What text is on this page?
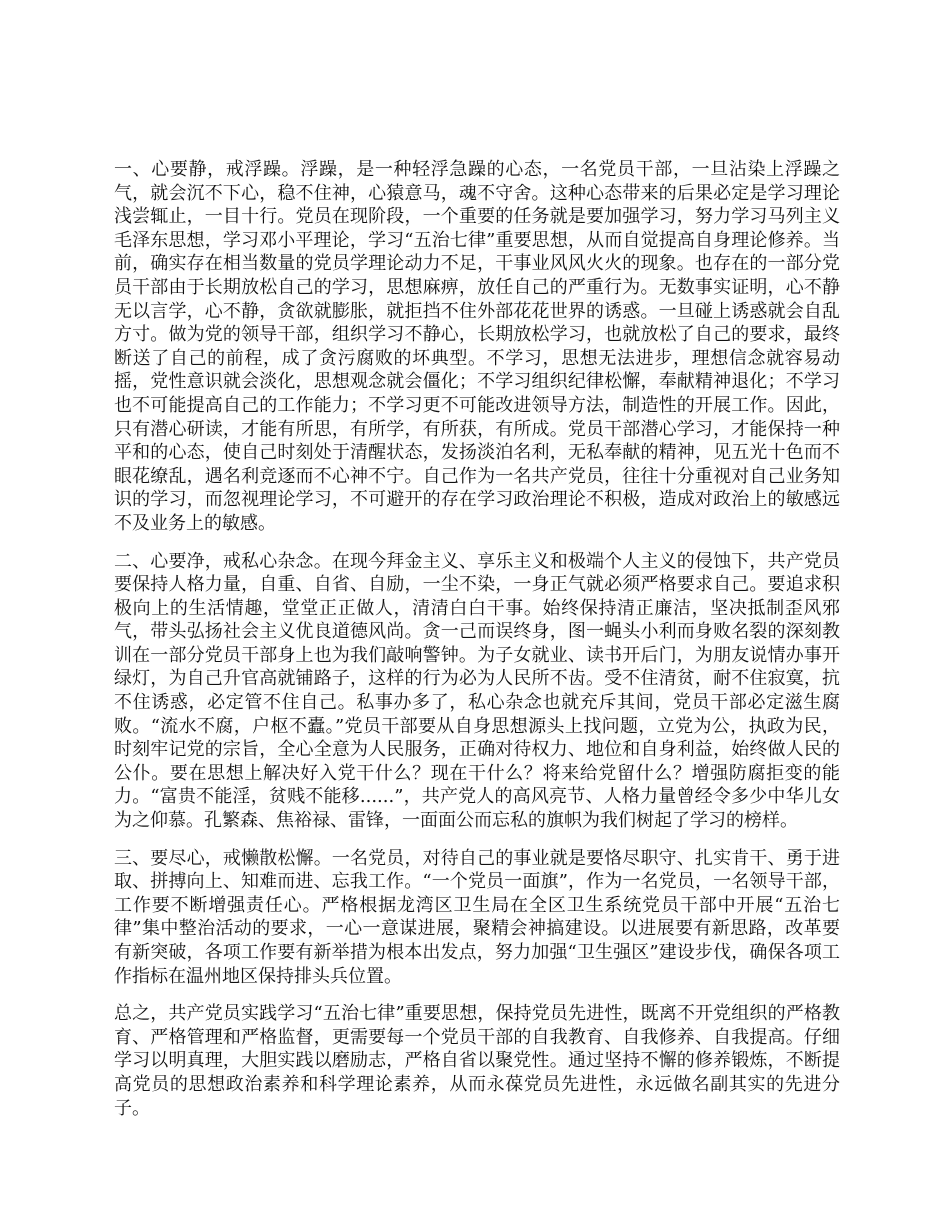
一、心要静，戒浮躁。浮躁，是一种轻浮急躁的心态，一名党员干部，一旦沾染上浮躁之气，就会沉不下心，稳不住神，心猿意马，魂不守舍。这种心态带来的后果必定是学习理论浅尝辄止，一目十行。党员在现阶段，一个重要的任务就是要加强学习，努力学习马列主义毛泽东思想，学习邓小平理论，学习“五治七律”重要思想，从而自觉提高自身理论修养。当前，确实存在相当数量的党员学理论动力不足，干事业风风火火的现象。也存在的一部分党员干部由于长期放松自己的学习，思想麻痹，放任自己的严重行为。无数事实证明，心不静无以言学，心不静，贪欲就膨胀，就拒挡不住外部花花世界的诱惑。一旦碰上诱惑就会自乱方寸。做为党的领导干部，组织学习不静心，长期放松学习，也就放松了自己的要求，最终断送了自己的前程，成了贪污腐败的坏典型。不学习，思想无法进步，理想信念就容易动摇，党性意识就会淡化，思想观念就会僵化；不学习组织纪律松懈，奉献精神退化；不学习也不可能提高自己的工作能力；不学习更不可能改进领导方法，制造性的开展工作。因此，只有潜心研读，才能有所思，有所学，有所获，有所成。党员干部潜心学习，才能保持一种平和的心态，使自己时刻处于清醒状态，发扬淡泊名利，无私奉献的精神，见五光十色而不眼花缭乱，遇名利竞逐而不心神不宁。自己作为一名共产党员，往往十分重视对自己业务知识的学习，而忽视理论学习，不可避开的存在学习政治理论不积极，造成对政治上的敏感远不及业务上的敏感。

二、心要净，戒私心杂念。在现今拜金主义、享乐主义和极端个人主义的侵蚀下，共产党员要保持人格力量，自重、自省、自励，一尘不染，一身正气就必须严格要求自己。要追求积极向上的生活情趣，堂堂正正做人，清清白白干事。始终保持清正廉洁，坚决抵制歪风邪气，带头弘扬社会主义优良道德风尚。贪一己而误终身，图一蝇头小利而身败名裂的深刻教训在一部分党员干部身上也为我们敲响警钟。为子女就业、读书开后门，为朋友说情办事开绿灯，为自己升官高就铺路子，这样的行为必为人民所不齿。受不住清贫，耐不住寂寞，抗不住诱惑，必定管不住自己。私事办多了，私心杂念也就充斥其间，党员干部必定滋生腐败。“流水不腐，户枢不蠹。”党员干部要从自身思想源头上找问题，立党为公，执政为民，时刻牢记党的宗旨，全心全意为人民服务，正确对待权力、地位和自身利益，始终做人民的公仆。要在思想上解决好入党干什么？现在干什么？将来给党留什么？增强防腐拒变的能力。“富贵不能淫，贫贱不能移......”，共产党人的高风亮节、人格力量曾经令多少中华儿女为之仰慕。孔繁森、焦裕禄、雷锋，一面面公而忘私的旗帜为我们树起了学习的榜样。

三、要尽心，戒懒散松懈。一名党员，对待自己的事业就是要恪尽职守、扎实肯干、勇于进取、拼搏向上、知难而进、忘我工作。“一个党员一面旗”，作为一名党员，一名领导干部，工作要不断增强责任心。严格根据龙湾区卫生局在全区卫生系统党员干部中开展“五治七律”集中整治活动的要求，一心一意谋进展，聚精会神搞建设。以进展要有新思路，改革要有新突破，各项工作要有新举措为根本出发点，努力加强“卫生强区”建设步伐，确保各项工作指标在温州地区保持排头兵位置。

总之，共产党员实践学习“五治七律”重要思想，保持党员先进性，既离不开党组织的严格教育、严格管理和严格监督，更需要每一个党员干部的自我教育、自我修养、自我提高。仔细学习以明真理，大胆实践以磨励志，严格自省以聚党性。通过坚持不懈的修养锻炼，不断提高党员的思想政治素养和科学理论素养，从而永葆党员先进性，永远做名副其实的先进分子。
